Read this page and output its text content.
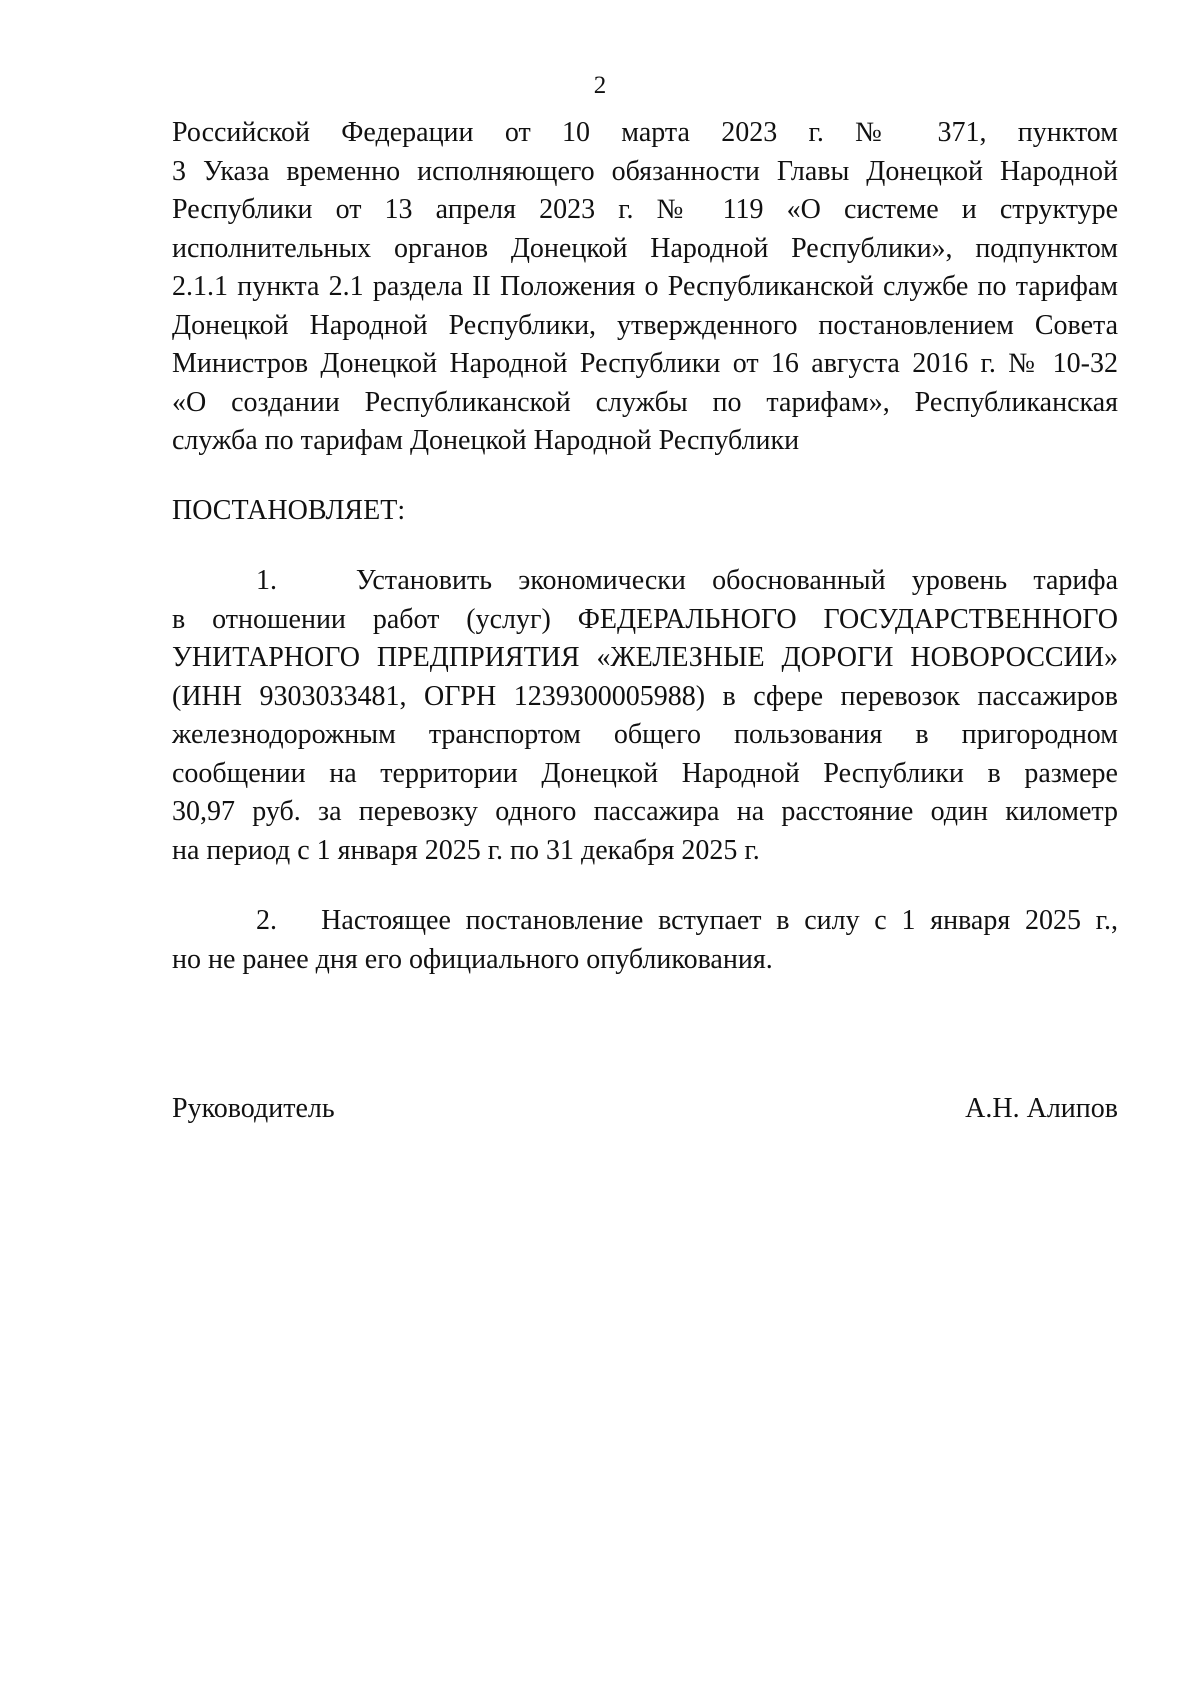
2
Российской Федерации от 10 марта 2023 г. № 371, пунктом
3 Указа временно исполняющего обязанности Главы Донецкой Народной
Республики от 13 апреля 2023 г. № 119 «О системе и структуре
исполнительных органов Донецкой Народной Республики», подпунктом
2.1.1 пункта 2.1 раздела II Положения о Республиканской службе по тарифам
Донецкой Народной Республики, утвержденного постановлением Совета
Министров Донецкой Народной Республики от 16 августа 2016 г. № 10-32
«О создании Республиканской службы по тарифам», Республиканская
служба по тарифам Донецкой Народной Республики
ПОСТАНОВЛЯЕТ:
1.   Установить экономически обоснованный уровень тарифа
в отношении работ (услуг) ФЕДЕРАЛЬНОГО ГОСУДАРСТВЕННОГО
УНИТАРНОГО ПРЕДПРИЯТИЯ «ЖЕЛЕЗНЫЕ ДОРОГИ НОВОРОССИИ»
(ИНН 9303033481, ОГРН 1239300005988) в сфере перевозок пассажиров
железнодорожным транспортом общего пользования в пригородном
сообщении на территории Донецкой Народной Республики в размере
30,97 руб. за перевозку одного пассажира на расстояние один километр
на период с 1 января 2025 г. по 31 декабря 2025 г.
2.   Настоящее постановление вступает в силу с 1 января 2025 г.,
но не ранее дня его официального опубликования.
Руководитель	А.Н. Алипов
